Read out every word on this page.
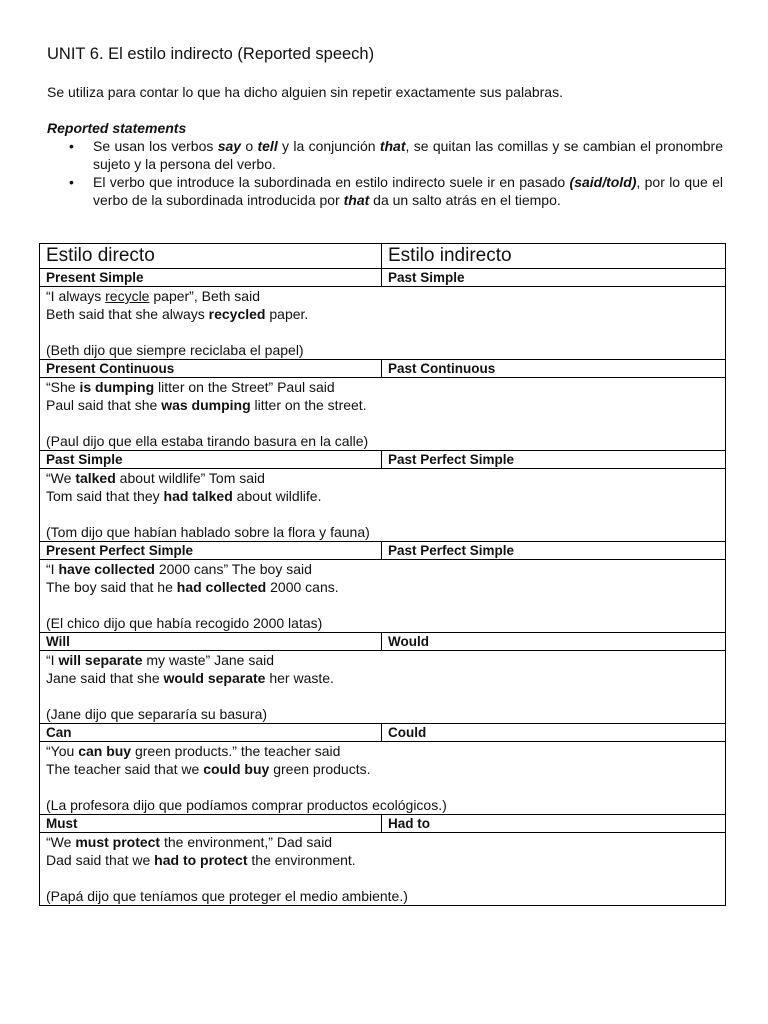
UNIT 6. El estilo indirecto (Reported speech)

Se utiliza para contar lo que ha dicho alguien sin repetir exactamente sus palabras.

Reported statements

• Se usan los verbos say o tell y la conjunción that, se quitan las comillas y se cambian el pronombre sujeto y la persona del verbo.
• El verbo que introduce la subordinada en estilo indirecto suele ir en pasado (said/told), por lo que el verbo de la subordinada introducida por that da un salto atrás en el tiempo.
Estilo directo	Estilo indirecto
Present Simple	Past Simple

“I always recycle paper”, Beth said
Beth said that she always recycled paper.
(Beth dijo que siempre reciclaba el papel)	

Present Continuous	Past Continuous

“She is dumping litter on the Street” Paul said
Paul said that she was dumping litter on the street.
(Paul dijo que ella estaba tirando basura en la calle)	

Past Simple	Past Perfect Simple

“We talked about wildlife” Tom said
Tom said that they had talked about wildlife.
(Tom dijo que habían hablado sobre la flora y fauna)	

Present Perfect Simple	Past Perfect Simple

“I have collected 2000 cans” The boy said
The boy said that he had collected 2000 cans.
(El chico dijo que había recogido 2000 latas)	

Will	Would

“I will separate my waste” Jane said
Jane said that she would separate her waste.
(Jane dijo que separaría su basura)	

Can	Could

“You can buy green products.” the teacher said
The teacher said that we could buy green products.
(La profesora dijo que podíamos comprar productos ecológicos.)	

Must	Had to

“We must protect the environment,” Dad said
Dad said that we had to protect the environment.
(Papá dijo que teníamos que proteger el medio ambiente.)	
